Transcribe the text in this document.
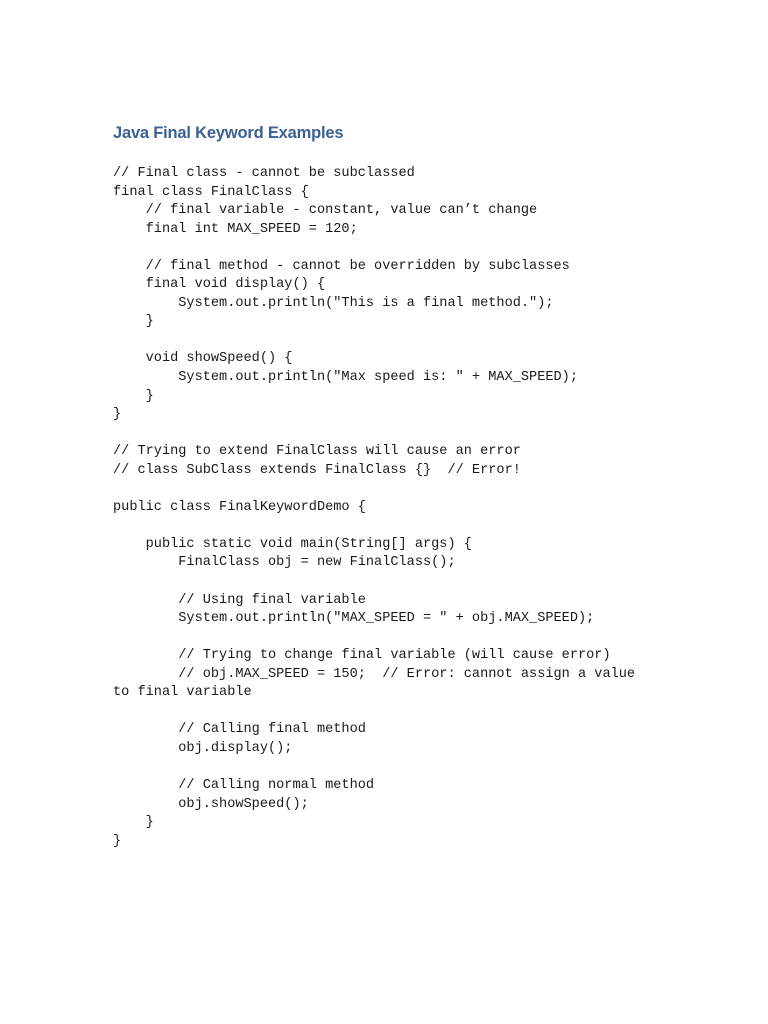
Java Final Keyword Examples
// Final class - cannot be subclassed
final class FinalClass {
// final variable - constant, value can’t change
final int MAX_SPEED = 120;
// final method - cannot be overridden by subclasses
final void display() {
System.out.println("This is a final method.");
}
void showSpeed() {
System.out.println("Max speed is: " + MAX_SPEED);
}
}
// Trying to extend FinalClass will cause an error
// class SubClass extends FinalClass {}  // Error!
public class FinalKeywordDemo {
public static void main(String[] args) {
FinalClass obj = new FinalClass();
// Using final variable
System.out.println("MAX_SPEED = " + obj.MAX_SPEED);
// Trying to change final variable (will cause error)
// obj.MAX_SPEED = 150;  // Error: cannot assign a value
to final variable
// Calling final method
obj.display();
// Calling normal method
obj.showSpeed();
}
}
